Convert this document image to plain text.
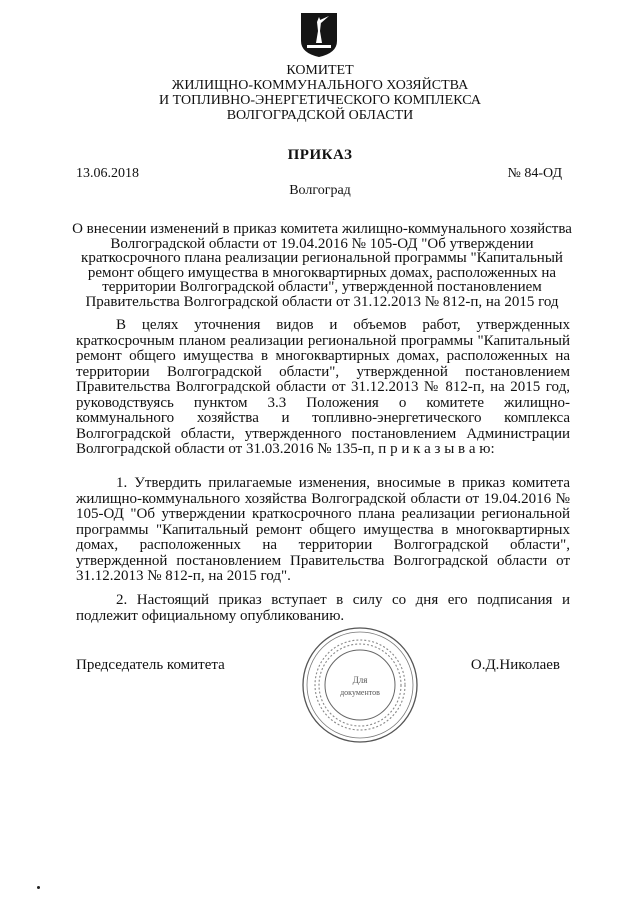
КОМИТЕТ
ЖИЛИЩНО-КОММУНАЛЬНОГО ХОЗЯЙСТВА
И ТОПЛИВНО-ЭНЕРГЕТИЧЕСКОГО КОМПЛЕКСА
ВОЛГОГРАДСКОЙ ОБЛАСТИ
ПРИКАЗ
13.06.2018	№ 84-ОД
Волгоград
О внесении изменений в приказ комитета жилищно-коммунального хозяйства Волгоградской области от 19.04.2016 № 105-ОД "Об утверждении краткосрочного плана реализации региональной программы "Капитальный ремонт общего имущества в многоквартирных домах, расположенных на территории Волгоградской области", утвержденной постановлением Правительства Волгоградской области от 31.12.2013 № 812-п, на 2015 год
В целях уточнения видов и объемов работ, утвержденных краткосрочным планом реализации региональной программы "Капитальный ремонт общего имущества в многоквартирных домах, расположенных на территории Волгоградской области", утвержденной постановлением Правительства Волгоградской области от 31.12.2013 № 812-п, на 2015 год, руководствуясь пунктом 3.3 Положения о комитете жилищно-коммунального хозяйства и топливно-энергетического комплекса Волгоградской области, утвержденного постановлением Администрации Волгоградской области от 31.03.2016 № 135-п, п р и к а з ы в а ю:
1. Утвердить прилагаемые изменения, вносимые в приказ комитета жилищно-коммунального хозяйства Волгоградской области от 19.04.2016 № 105-ОД "Об утверждении краткосрочного плана реализации региональной программы "Капитальный ремонт общего имущества в многоквартирных домах, расположенных на территории Волгоградской области", утвержденной постановлением Правительства Волгоградской области от 31.12.2013 № 812-п, на 2015 год".
2. Настоящий приказ вступает в силу со дня его подписания и подлежит официальному опубликованию.
Председатель комитета	О.Д.Николаев
Для
документов
